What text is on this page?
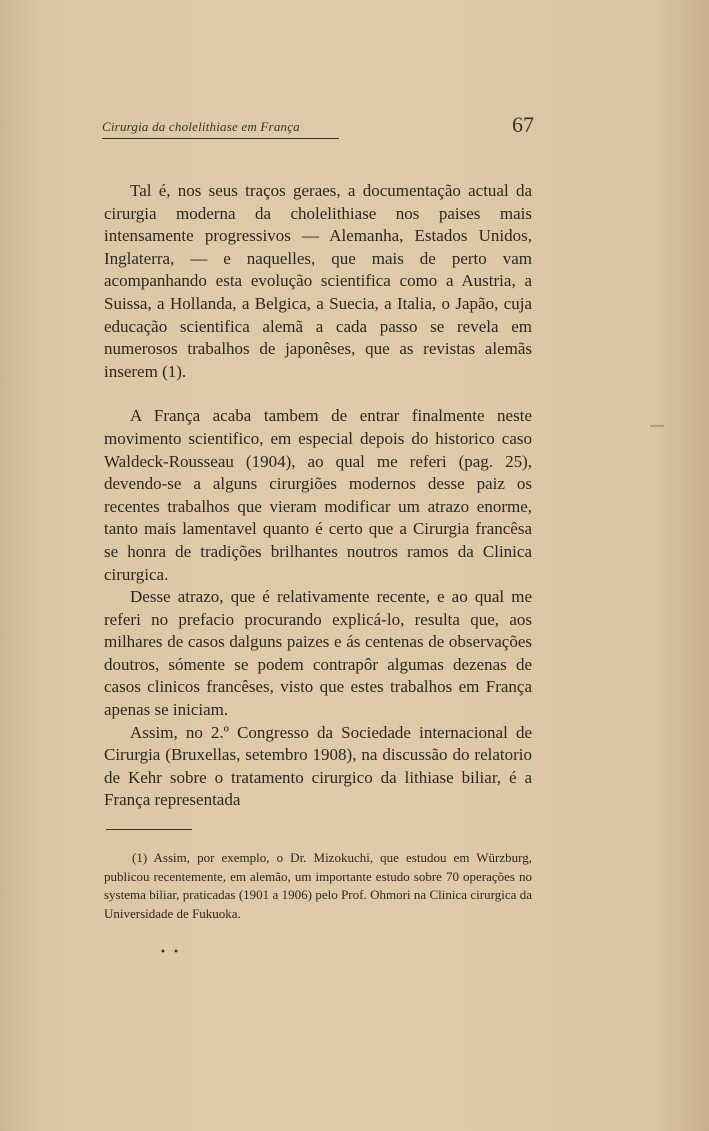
Cirurgia da cholelithiase em França	67

Tal é, nos seus traços geraes, a documentação actual da cirurgia moderna da cholelithiase nos paises mais intensamente progressivos — Alemanha, Estados Unidos, Inglaterra, — e naquelles, que mais de perto vam acompanhando esta evolução scientifica como a Austria, a Suissa, a Hollanda, a Belgica, a Suecia, a Italia, o Japão, cuja educação scientifica alemã a cada passo se revela em numerosos trabalhos de japonêses, que as revistas alemãs inserem (1).

A França acaba tambem de entrar finalmente neste movimento scientifico, em especial depois do historico caso Waldeck-Rousseau (1904), ao qual me referi (pag. 25), devendo-se a alguns cirurgiões modernos desse paiz os recentes trabalhos que vieram modificar um atrazo enorme, tanto mais lamentavel quanto é certo que a Cirurgia francêsa se honra de tradições brilhantes noutros ramos da Clinica cirurgica.

Desse atrazo, que é relativamente recente, e ao qual me referi no prefacio procurando explicá-lo, resulta que, aos milhares de casos dalguns paizes e ás centenas de observações doutros, sómente se podem contrapôr algumas dezenas de casos clinicos francêses, visto que estes trabalhos em França apenas se iniciam.

Assim, no 2.º Congresso da Sociedade internacional de Cirurgia (Bruxellas, setembro 1908), na discussão do relatorio de Kehr sobre o tratamento cirurgico da lithiase biliar, é a França representada

(1) Assim, por exemplo, o Dr. Mizokuchi, que estudou em Würzburg, publicou recentemente, em alemão, um importante estudo sobre 70 operações no systema biliar, praticadas (1901 a 1906) pelo Prof. Ohmori na Clinica cirurgica da Universidade de Fukuoka.
• •
